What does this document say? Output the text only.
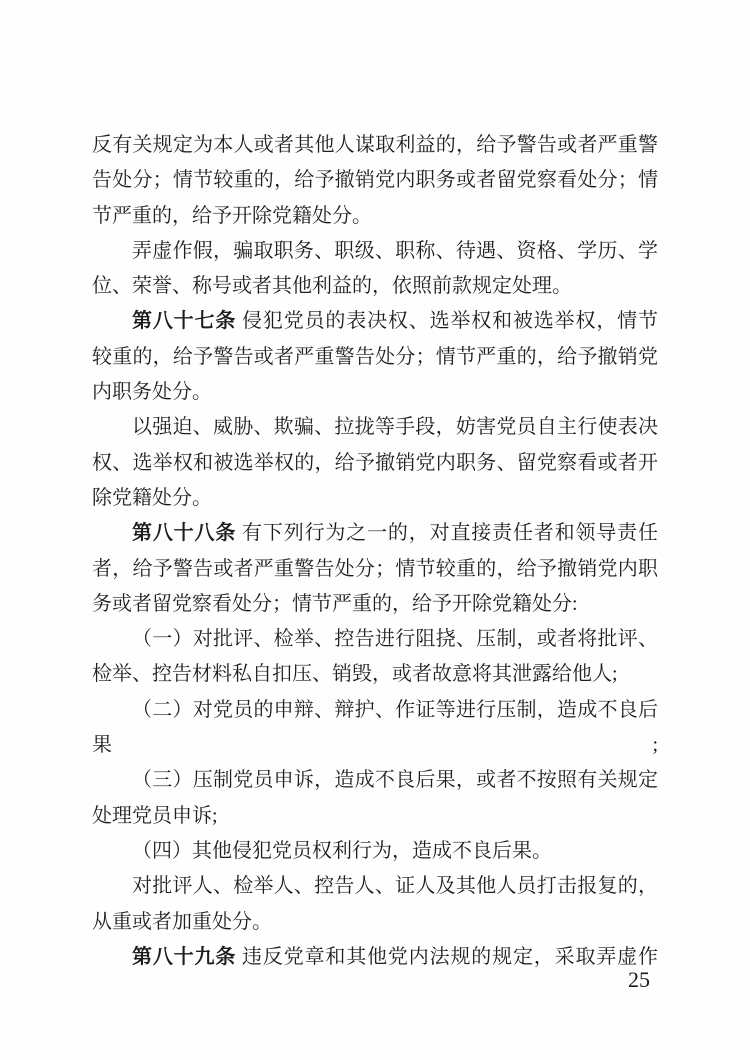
反有关规定为本人或者其他人谋取利益的，给予警告或者严重警
告处分；情节较重的，给予撤销党内职务或者留党察看处分；情
节严重的，给予开除党籍处分。
弄虚作假，骗取职务、职级、职称、待遇、资格、学历、学
位、荣誉、称号或者其他利益的，依照前款规定处理。
第八十七条 侵犯党员的表决权、选举权和被选举权，情节
较重的，给予警告或者严重警告处分；情节严重的，给予撤销党
内职务处分。
以强迫、威胁、欺骗、拉拢等手段，妨害党员自主行使表决
权、选举权和被选举权的，给予撤销党内职务、留党察看或者开
除党籍处分。
第八十八条 有下列行为之一的，对直接责任者和领导责任
者，给予警告或者严重警告处分；情节较重的，给予撤销党内职
务或者留党察看处分；情节严重的，给予开除党籍处分:
（一）对批评、检举、控告进行阻挠、压制，或者将批评、
检举、控告材料私自扣压、销毁，或者故意将其泄露给他人;
（二）对党员的申辩、辩护、作证等进行压制，造成不良后果;
（三）压制党员申诉，造成不良后果，或者不按照有关规定
处理党员申诉;
（四）其他侵犯党员权利行为，造成不良后果。
对批评人、检举人、控告人、证人及其他人员打击报复的，
从重或者加重处分。
第八十九条 违反党章和其他党内法规的规定，采取弄虚作
25
